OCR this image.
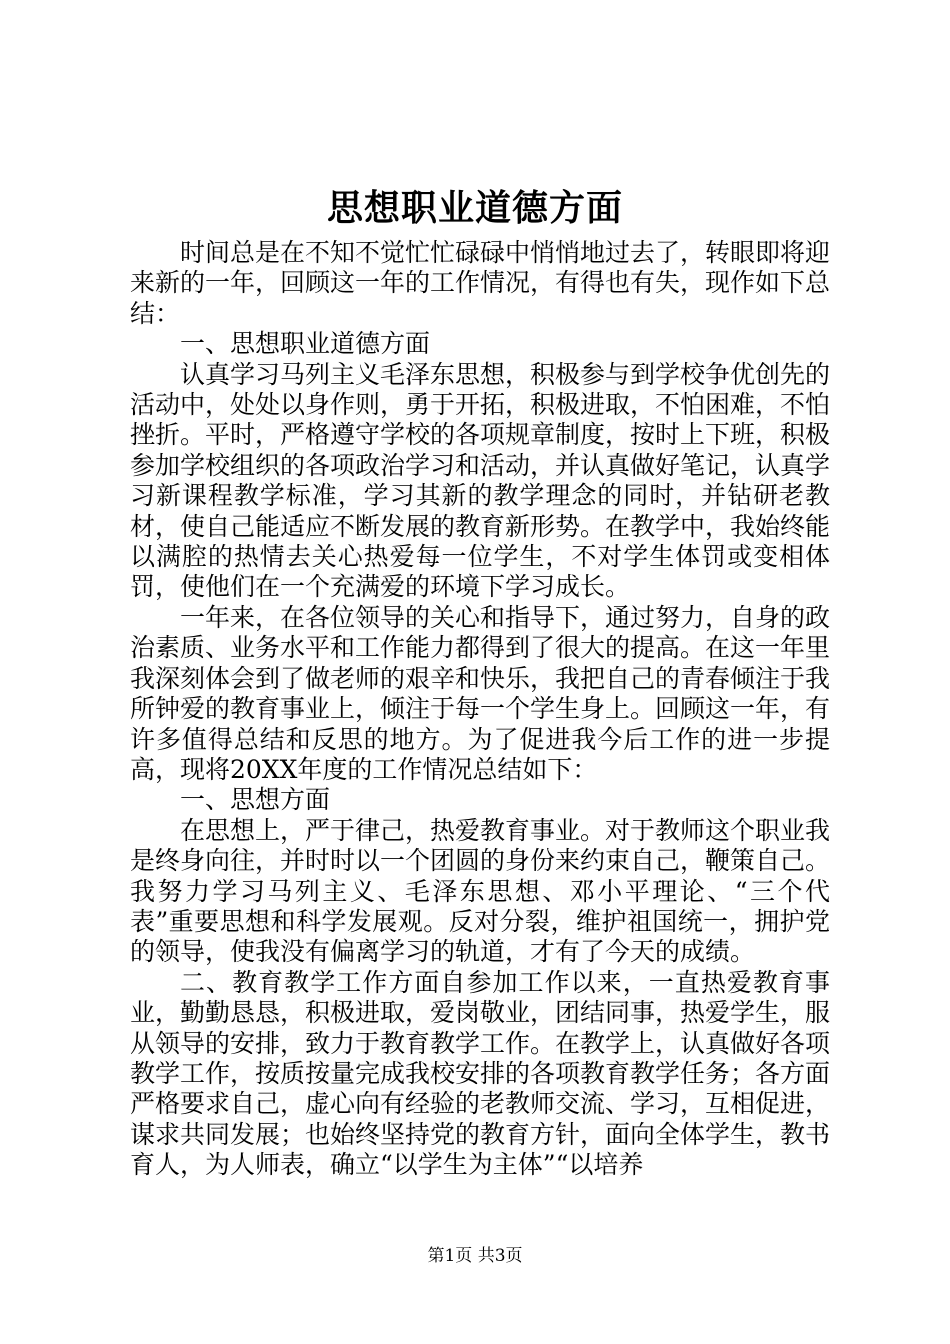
思想职业道德方面

时间总是在不知不觉忙忙碌碌中悄悄地过去了，转眼即将迎来新的一年，回顾这一年的工作情况，有得也有失，现作如下总结：

一、思想职业道德方面

认真学习马列主义毛泽东思想，积极参与到学校争优创先的活动中，处处以身作则，勇于开拓，积极进取，不怕困难，不怕挫折。平时，严格遵守学校的各项规章制度，按时上下班，积极参加学校组织的各项政治学习和活动，并认真做好笔记，认真学习新课程教学标准，学习其新的教学理念的同时，并钻研老教材，使自己能适应不断发展的教育新形势。在教学中，我始终能以满腔的热情去关心热爱每一位学生，不对学生体罚或变相体罚，使他们在一个充满爱的环境下学习成长。

一年来，在各位领导的关心和指导下，通过努力，自身的政治素质、业务水平和工作能力都得到了很大的提高。在这一年里我深刻体会到了做老师的艰辛和快乐，我把自己的青春倾注于我所钟爱的教育事业上，倾注于每一个学生身上。回顾这一年，有许多值得总结和反思的地方。为了促进我今后工作的进一步提高，现将20XX年度的工作情况总结如下：

一、思想方面

在思想上，严于律己，热爱教育事业。对于教师这个职业我是终身向往，并时时以一个团圆的身份来约束自己，鞭策自己。我努力学习马列主义、毛泽东思想、邓小平理论、“三个代表”重要思想和科学发展观。反对分裂，维护祖国统一，拥护党的领导，使我没有偏离学习的轨道，才有了今天的成绩。

二、教育教学工作方面自参加工作以来，一直热爱教育事业，勤勤恳恳，积极进取，爱岗敬业，团结同事，热爱学生，服从领导的安排，致力于教育教学工作。在教学上，认真做好各项教学工作，按质按量完成我校安排的各项教育教学任务；各方面严格要求自己，虚心向有经验的老教师交流、学习，互相促进，谋求共同发展；也始终坚持党的教育方针，面向全体学生，教书育人，为人师表，确立“以学生为主体”“以培养

第1页 共3页
